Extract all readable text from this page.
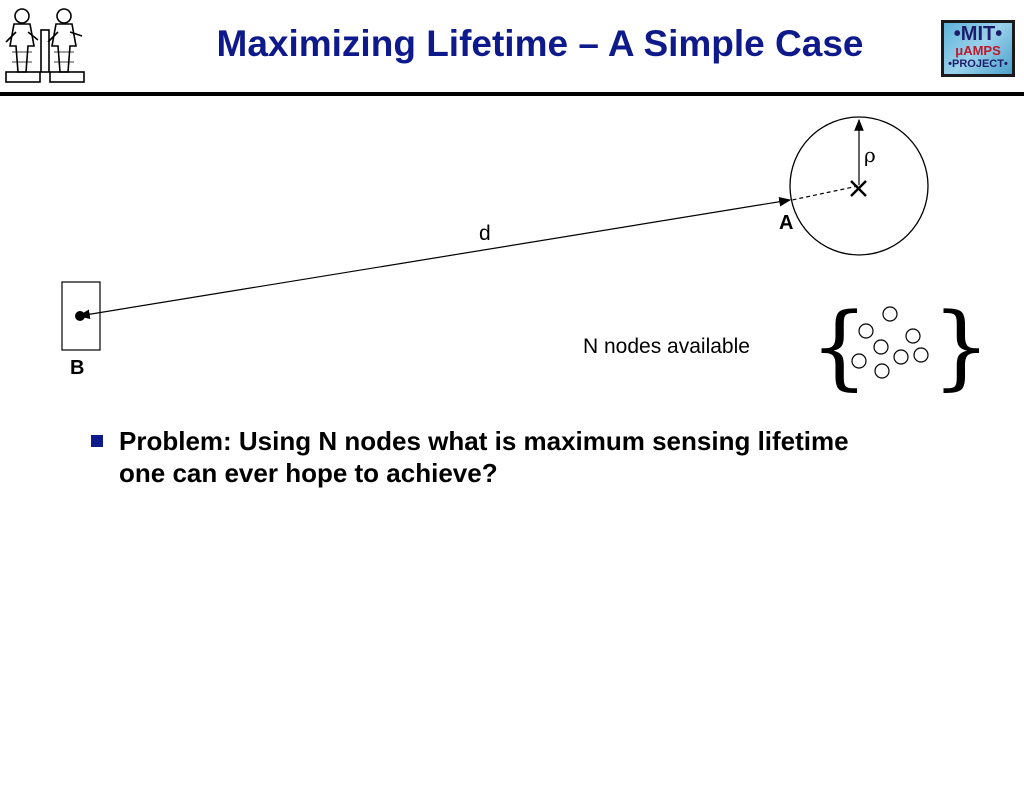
Maximizing Lifetime – A Simple Case	•MIT•
μAMPS
•PROJECT•
ρ
d	A
B	{ }
N nodes available
Problem: Using N nodes what is maximum sensing lifetime one can ever hope to achieve?
